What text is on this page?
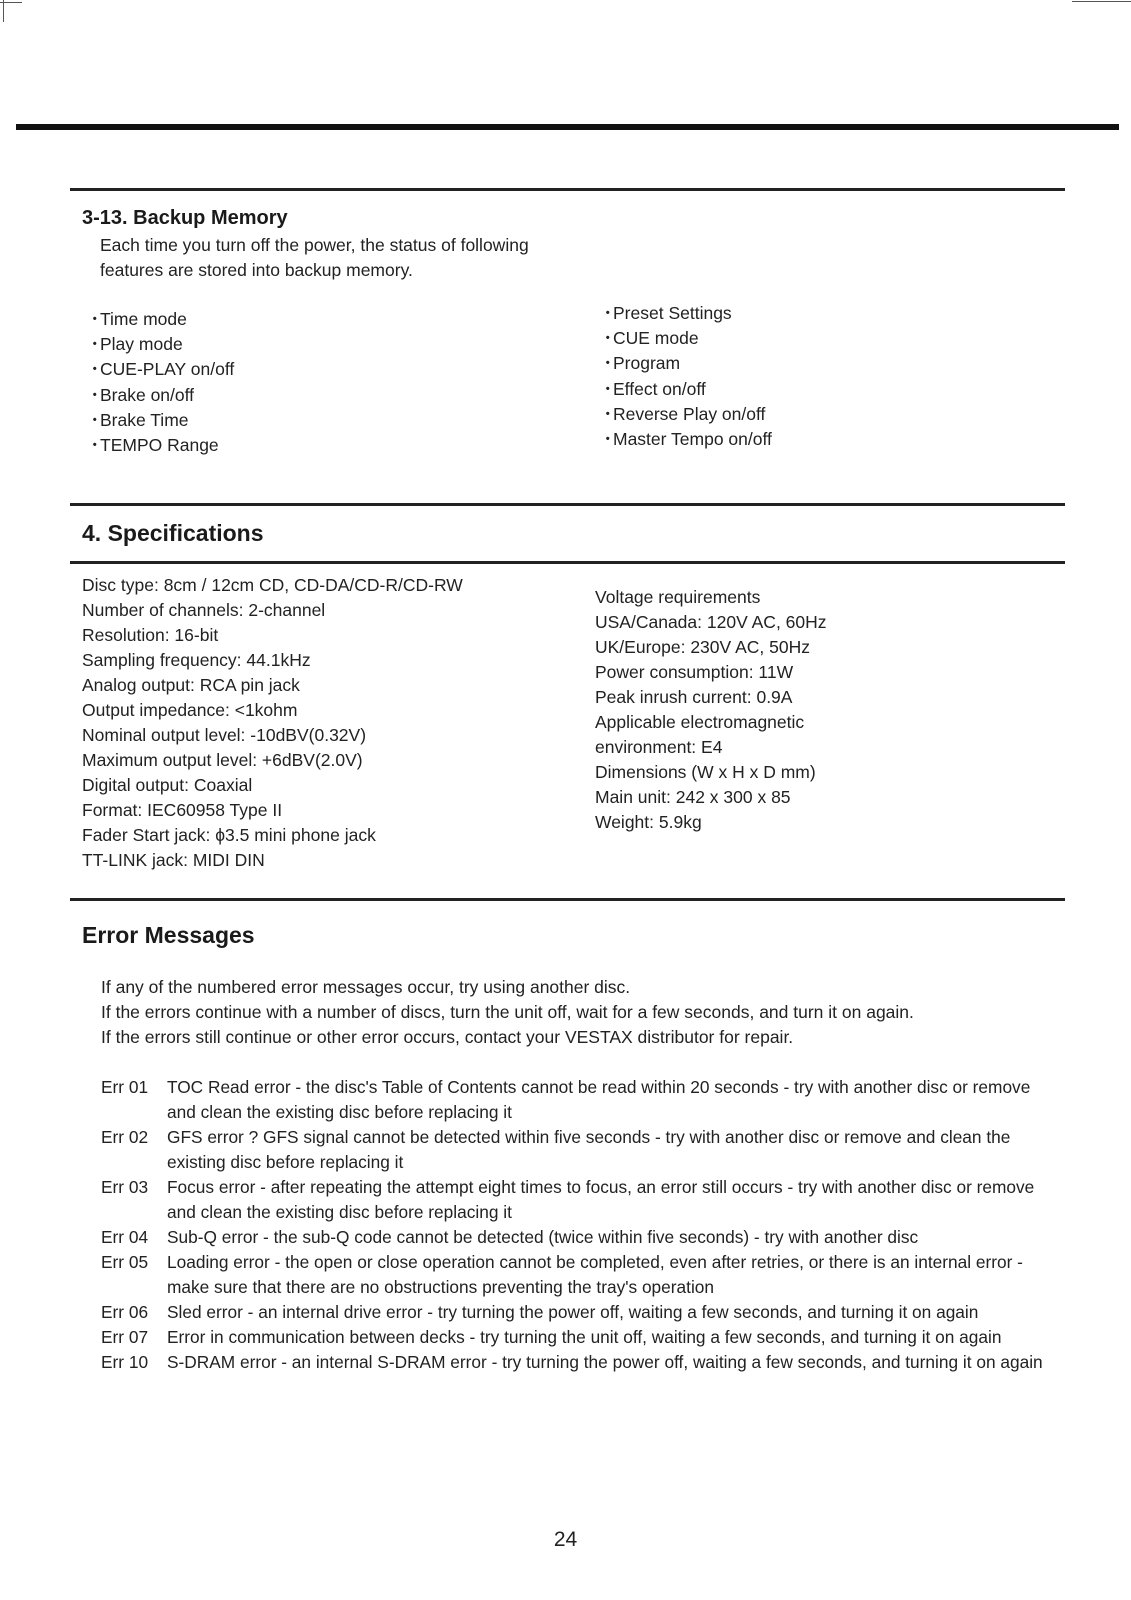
3-13. Backup Memory
Each time you turn off the power, the status of following
features are stored into backup memory.
・Time mode
・Play mode
・CUE-PLAY on/off
・Brake on/off
・Brake Time
・TEMPO Range
・Preset Settings
・CUE mode
・Program
・Effect on/off
・Reverse Play on/off
・Master Tempo on/off
4. Specifications
Disc type: 8cm / 12cm CD, CD-DA/CD-R/CD-RW
Number of channels: 2-channel
Resolution: 16-bit
Sampling frequency: 44.1kHz
Analog output: RCA pin jack
Output impedance: <1kohm
Nominal output level: -10dBV(0.32V)
Maximum output level: +6dBV(2.0V)
Digital output: Coaxial
Format: IEC60958 Type II
Fader Start jack: ϕ3.5 mini phone jack
TT-LINK jack: MIDI DIN
Voltage requirements
USA/Canada: 120V AC, 60Hz
UK/Europe: 230V AC, 50Hz
Power consumption: 11W
Peak inrush current: 0.9A
Applicable electromagnetic
environment: E4
Dimensions (W x H x D mm)
Main unit: 242 x 300 x 85
Weight: 5.9kg
Error Messages
If any of the numbered error messages occur, try using another disc.
If the errors continue with a number of discs, turn the unit off, wait for a few seconds, and turn it on again.
If the errors still continue or other error occurs, contact your VESTAX distributor for repair.
Err 01	TOC Read error - the disc's Table of Contents cannot be read within 20 seconds - try with another disc or remove and clean the existing disc before replacing it
Err 02	GFS error ? GFS signal cannot be detected within five seconds - try with another disc or remove and clean the existing disc before replacing it
Err 03	Focus error - after repeating the attempt eight times to focus, an error still occurs - try with another disc or remove and clean the existing disc before replacing it
Err 04	Sub-Q error - the sub-Q code cannot be detected (twice within five seconds) - try with another disc
Err 05	Loading error - the open or close operation cannot be completed, even after retries, or there is an internal error - make sure that there are no obstructions preventing the tray's operation
Err 06	Sled error - an internal drive error - try turning the power off, waiting a few seconds, and turning it on again
Err 07	Error in communication between decks - try turning the unit off, waiting a few seconds, and turning it on again
Err 10	S-DRAM error - an internal S-DRAM error - try turning the power off, waiting a few seconds, and turning it on again
24
